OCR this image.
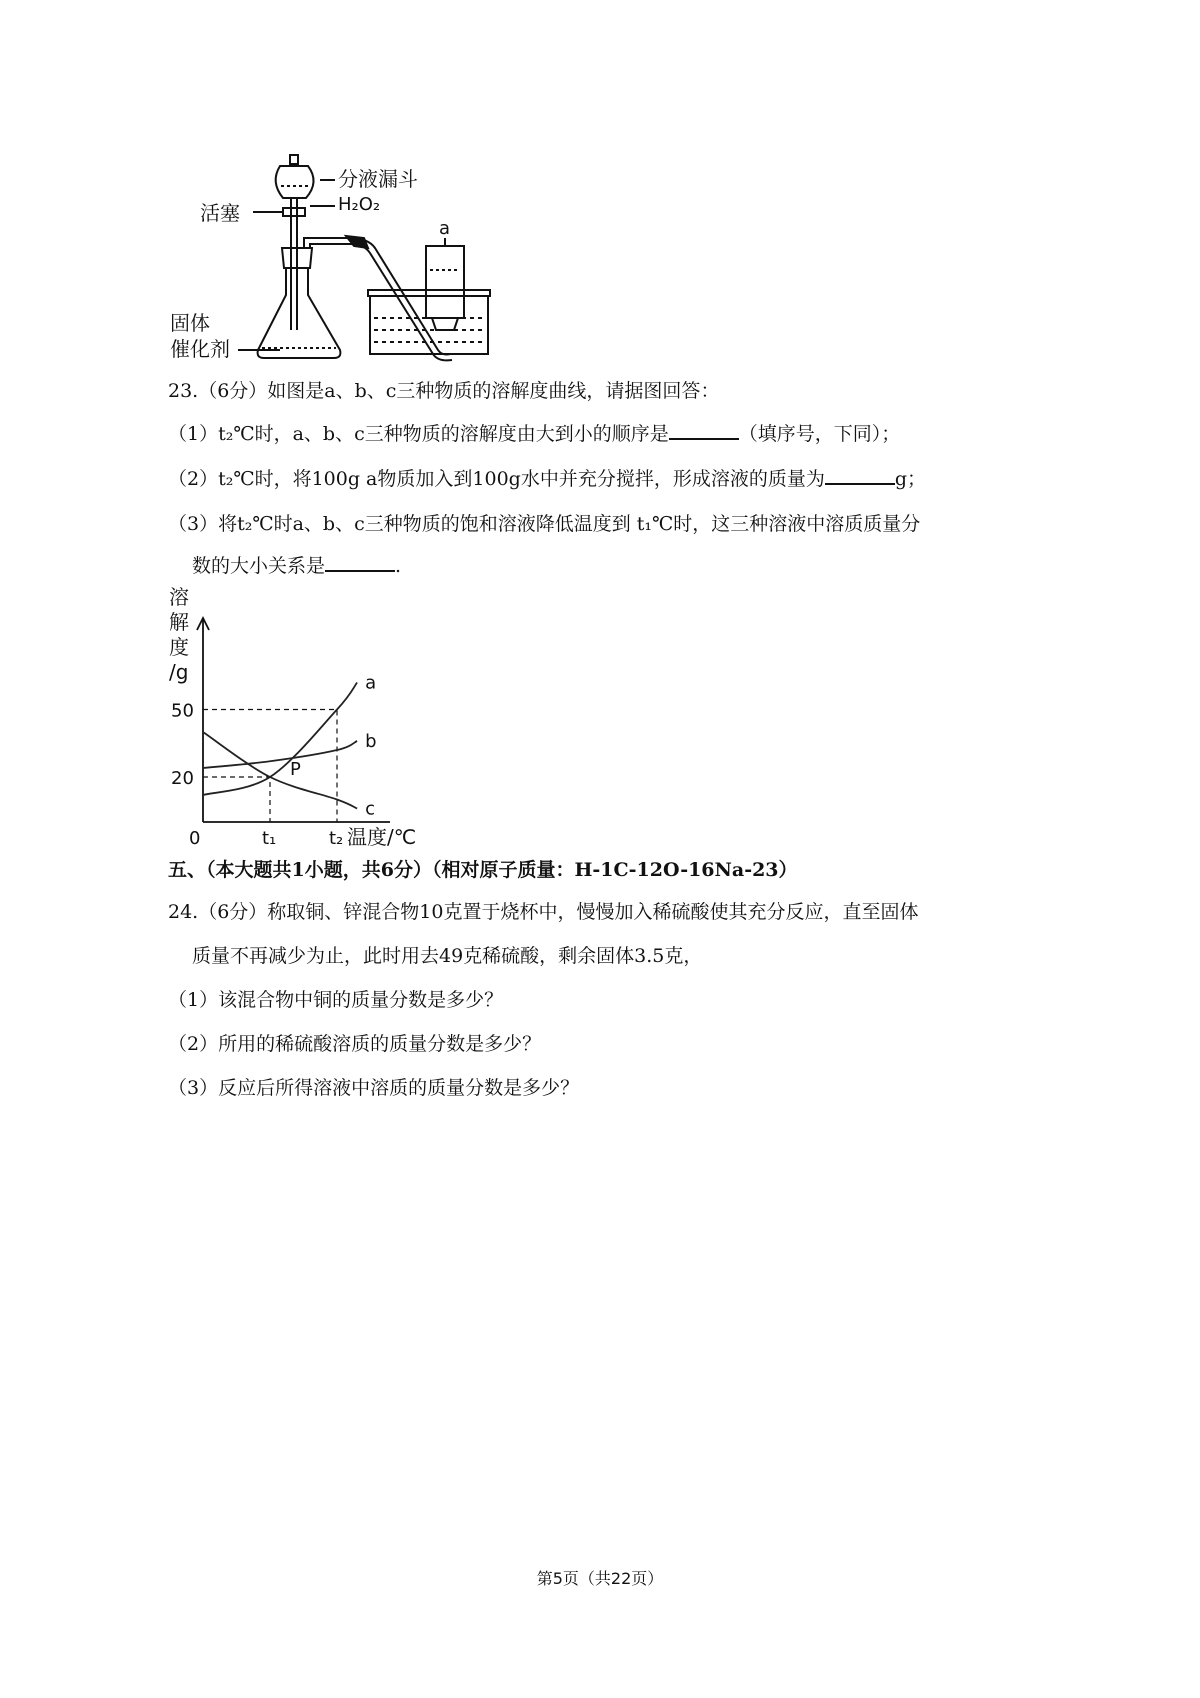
分液漏斗
H₂O₂
活塞
a
固体
催化剂
23.（6分）如图是a、b、c三种物质的溶解度曲线，请据图回答：
（1）t₂℃时，a、b、c三种物质的溶解度由大到小的顺序是	（填序号，下同）；
（2）t₂℃时，将100g a物质加入到100g水中并充分搅拌，形成溶液的质量为	g；
（3）将t₂℃时a、b、c三种物质的饱和溶液降低温度到 t₁℃时，这三种溶液中溶质质量分
数的大小关系是	.
a
b
c
溶
解
度
/g
50
20
0	t₁	t₂ 温度/℃
P
五、（本大题共1小题，共6分）（相对原子质量：H-1C-12O-16Na-23）
24.（6分）称取铜、锌混合物10克置于烧杯中，慢慢加入稀硫酸使其充分反应，直至固体
质量不再减少为止，此时用去49克稀硫酸，剩余固体3.5克，
（1）该混合物中铜的质量分数是多少？
（2）所用的稀硫酸溶质的质量分数是多少？
（3）反应后所得溶液中溶质的质量分数是多少？
第5页（共22页）
